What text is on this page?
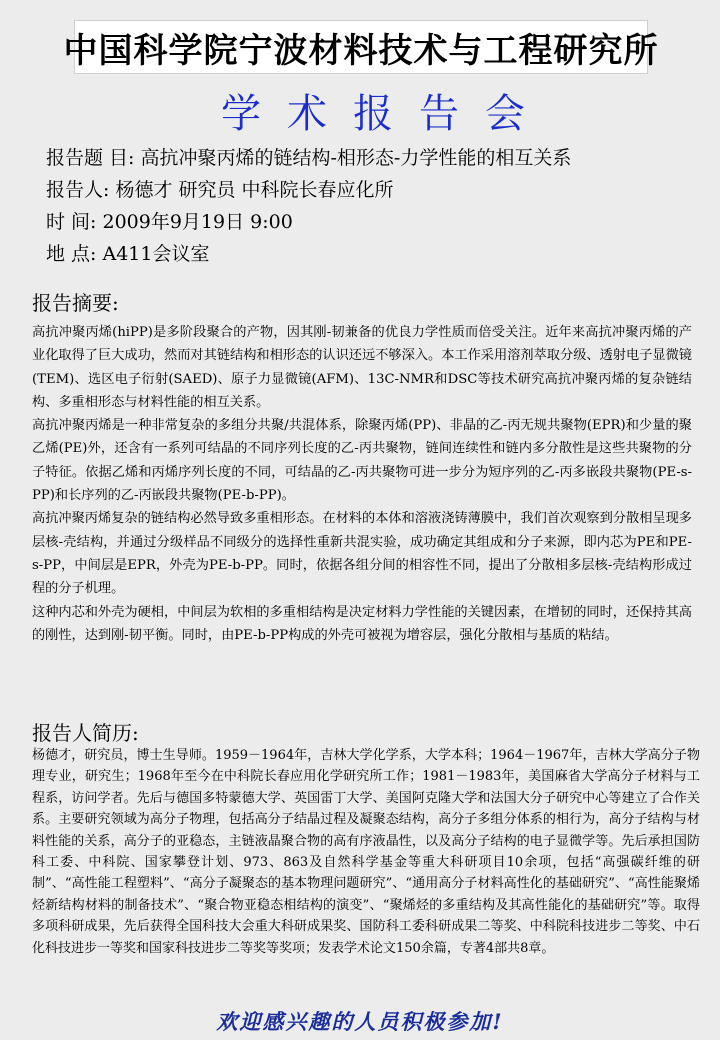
中国科学院宁波材料技术与工程研究所
学术报告会
报告题 目: 高抗冲聚丙烯的链结构-相形态-力学性能的相互关系
报告人: 杨德才 研究员 中科院长春应化所
时 间: 2009年9月19日 9:00
地 点: A411会议室
报告摘要:

高抗冲聚丙烯(hiPP)是多阶段聚合的产物，因其刚-韧兼备的优良力学性质而倍受关注。近年来高抗冲聚丙烯的产业化取得了巨大成功，然而对其链结构和相形态的认识还远不够深入。本工作采用溶剂萃取分级、透射电子显微镜(TEM)、选区电子衍射(SAED)、原子力显微镜(AFM)、13C-NMR和DSC等技术研究高抗冲聚丙烯的复杂链结构、多重相形态与材料性能的相互关系。

高抗冲聚丙烯是一种非常复杂的多组分共聚/共混体系，除聚丙烯(PP)、非晶的乙-丙无规共聚物(EPR)和少量的聚乙烯(PE)外，还含有一系列可结晶的不同序列长度的乙-丙共聚物，链间连续性和链内多分散性是这些共聚物的分子特征。依据乙烯和丙烯序列长度的不同，可结晶的乙-丙共聚物可进一步分为短序列的乙-丙多嵌段共聚物(PE-s-PP)和长序列的乙-丙嵌段共聚物(PE-b-PP)。

高抗冲聚丙烯复杂的链结构必然导致多重相形态。在材料的本体和溶液浇铸薄膜中，我们首次观察到分散相呈现多层核-壳结构，并通过分级样品不同级分的选择性重新共混实验，成功确定其组成和分子来源，即内芯为PE和PE-s-PP，中间层是EPR，外壳为PE-b-PP。同时，依据各组分间的相容性不同，提出了分散相多层核-壳结构形成过程的分子机理。

这种内芯和外壳为硬相，中间层为软相的多重相结构是决定材料力学性能的关键因素，在增韧的同时，还保持其高的刚性，达到刚-韧平衡。同时，由PE-b-PP构成的外壳可被视为增容层，强化分散相与基质的粘结。

报告人简历:
杨德才，研究员，博士生导师。1959－1964年，吉林大学化学系，大学本科；1964－1967年，吉林大学高分子物理专业，研究生；1968年至今在中科院长春应用化学研究所工作；1981－1983年，美国麻省大学高分子材料与工程系，访问学者。先后与德国多特蒙德大学、英国雷丁大学、美国阿克隆大学和法国大分子研究中心等建立了合作关系。主要研究领域为高分子物理，包括高分子结晶过程及凝聚态结构，高分子多组分体系的相行为，高分子结构与材料性能的关系，高分子的亚稳态，主链液晶聚合物的高有序液晶性，以及高分子结构的电子显微学等。先后承担国防科工委、中科院、国家攀登计划、973、863及自然科学基金等重大科研项目10余项，包括“高强碳纤维的研制”、“高性能工程塑料”、“高分子凝聚态的基本物理问题研究”、“通用高分子材料高性化的基础研究”、“高性能聚烯烃新结构材料的制备技术”、“聚合物亚稳态相结构的演变”、“聚烯烃的多重结构及其高性能化的基础研究”等。取得多项科研成果，先后获得全国科技大会重大科研成果奖、国防科工委科研成果二等奖、中科院科技进步二等奖、中石化科技进步一等奖和国家科技进步二等奖等奖项；发表学术论文150余篇，专著4部共8章。
欢迎感兴趣的人员积极参加!
